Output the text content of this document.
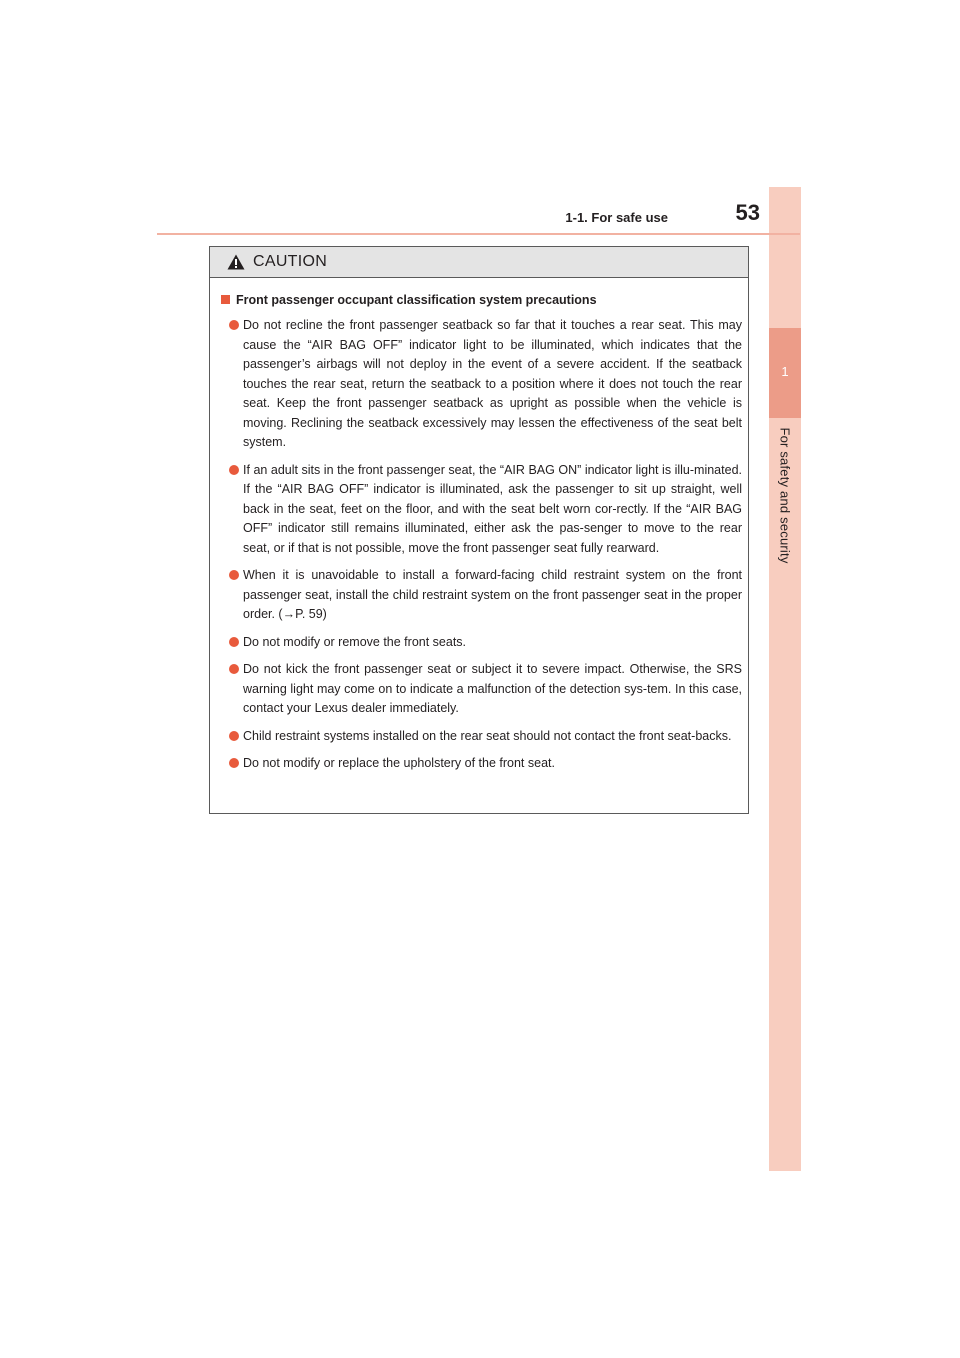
1
For safety and security
1-1. For safe use	53
CAUTION
Front passenger occupant classification system precautions
Do not recline the front passenger seatback so far that it touches a rear seat. This may cause the “AIR BAG OFF” indicator light to be illuminated, which indicates that the passenger’s airbags will not deploy in the event of a severe accident. If the seatback touches the rear seat, return the seatback to a position where it does not touch the rear seat. Keep the front passenger seatback as upright as possible when the vehicle is moving. Reclining the seatback excessively may lessen the effectiveness of the seat belt system.
If an adult sits in the front passenger seat, the “AIR BAG ON” indicator light is illu-minated. If the “AIR BAG OFF” indicator is illuminated, ask the passenger to sit up straight, well back in the seat, feet on the floor, and with the seat belt worn cor-rectly. If the “AIR BAG OFF” indicator still remains illuminated, either ask the pas-senger to move to the rear seat, or if that is not possible, move the front passenger seat fully rearward.
When it is unavoidable to install a forward-facing child restraint system on the front passenger seat, install the child restraint system on the front passenger seat in the proper order. (→P. 59)
Do not modify or remove the front seats.
Do not kick the front passenger seat or subject it to severe impact. Otherwise, the SRS warning light may come on to indicate a malfunction of the detection sys-tem. In this case, contact your Lexus dealer immediately.
Child restraint systems installed on the rear seat should not contact the front seat-backs.
Do not modify or replace the upholstery of the front seat.
